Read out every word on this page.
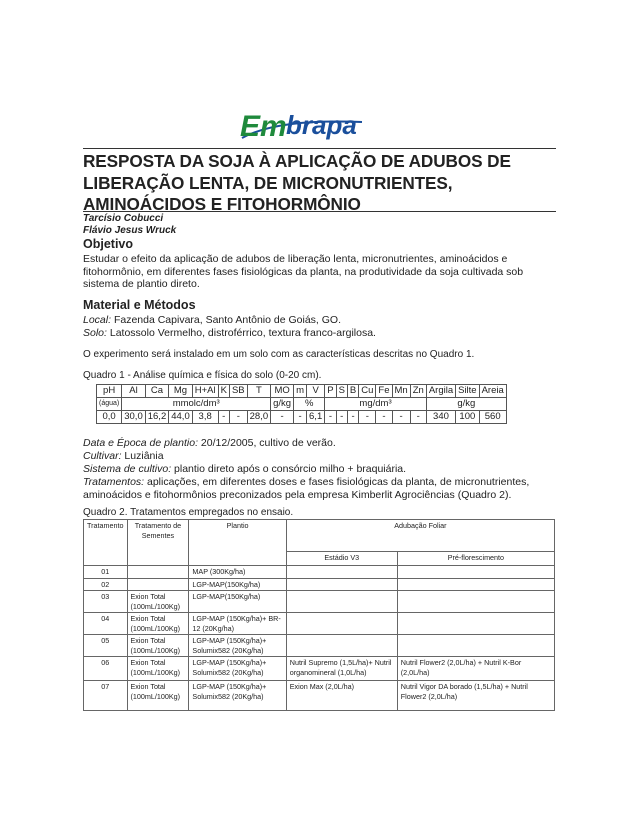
Em brapa
RESPOSTA DA SOJA À APLICAÇÃO DE ADUBOS DE
LIBERAÇÃO LENTA, DE MICRONUTRIENTES,
AMINOÁCIDOS E FITOHORMÔNIO
Tarcísio Cobucci
Flávio Jesus Wruck
Objetivo
Estudar o efeito da aplicação de adubos de liberação lenta, micronutrientes, aminoácidos e
fitohormônio, em diferentes fases fisiológicas da planta, na produtividade da soja cultivada sob
sistema de plantio direto.
Material e Métodos
Local: Fazenda Capivara, Santo Antônio de Goiás, GO.
Solo: Latossolo Vermelho, distroférrico, textura franco-argilosa.
O experimento será instalado em um solo com as características descritas no Quadro 1.
Quadro 1 - Análise química e física do solo (0-20 cm).
pH	Al	Ca	Mg	H+Al	K	SB	T	MO	m	V	P	S	B	Cu	Fe	Mn	Zn	Argila	Silte	Areia
(água)	mmolc/dm³							g/kg	%		mg/dm³							g/kg		
0,0	30,0	16,2	44,0	3,8	-	-	28,0	-	-	6,1	-	-	-	-	-	-	-	340	100	560
Data e Época de plantio: 20/12/2005, cultivo de verão.
Cultivar: Luziânia
Sistema de cultivo: plantio direto após o consórcio milho + braquiária.
Tratamentos: aplicações, em diferentes doses e fases fisiológicas da planta, de micronutrientes,
aminoácidos e fitohormônios preconizados pela empresa Kimberlit Agrociências (Quadro 2).
Quadro 2. Tratamentos empregados no ensaio.
Tratamento	Tratamento de Sementes	Plantio	Adubação Foliar	
			Estádio V3	Pré-florescimento
01		MAP (300Kg/ha)		
02		LGP-MAP(150Kg/ha)		
03	Exion Total (100mL/100Kg)	LGP-MAP(150Kg/ha)		
04	Exion Total (100mL/100Kg)	LGP-MAP (150Kg/ha)+ BR-12 (20Kg/ha)		
05	Exion Total (100mL/100Kg)	LGP-MAP (150Kg/ha)+ Solumix582 (20Kg/ha)		
06	Exion Total (100mL/100Kg)	LGP-MAP (150Kg/ha)+ Solumix582 (20Kg/ha)	Nutril Supremo (1,5L/ha)+ Nutril organomineral (1,0L/ha)	Nutril Flower2 (2,0L/ha) + Nutril K-Bor (2,0L/ha)
07	Exion Total (100mL/100Kg)	LGP-MAP (150Kg/ha)+ Solumix582 (20Kg/ha)	Exion Max (2,0L/ha)	Nutril Vigor DA borado (1,5L/ha) + Nutril Flower2 (2,0L/ha)
